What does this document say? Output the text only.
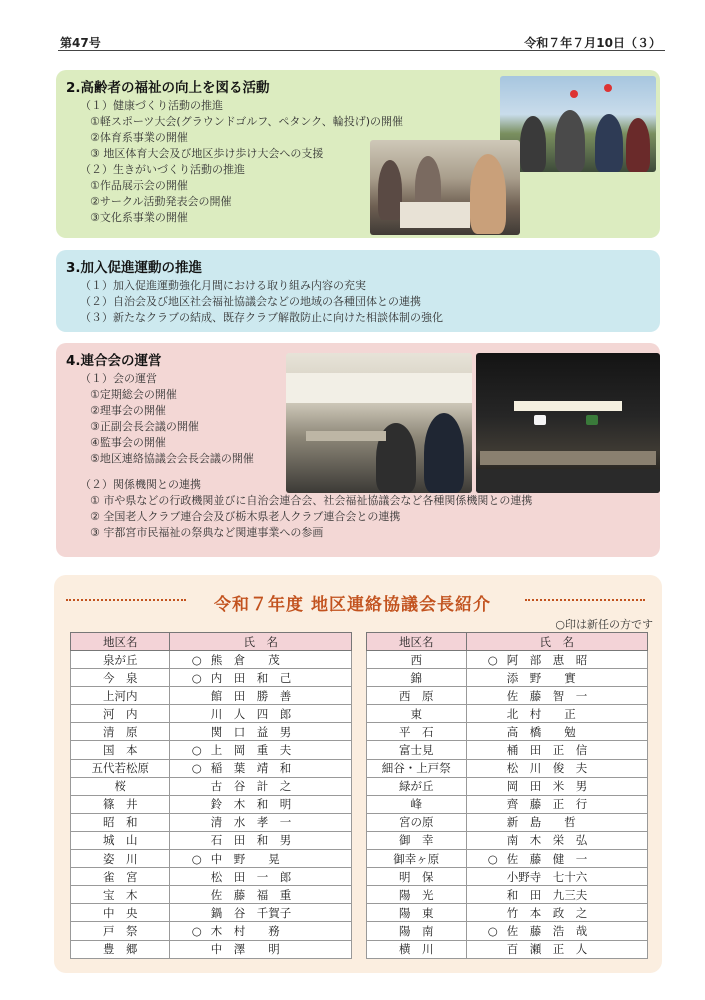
第47号	令和７年７月10日（３）
2.高齢者の福祉の向上を図る活動
（１）健康づくり活動の推進
①軽スポーツ大会(グラウンドゴルフ、ペタンク、輪投げ)の開催
②体育系事業の開催
③ 地区体育大会及び地区歩け歩け大会への支援
（２）生きがいづくり活動の推進
①作品展示会の開催
②サークル活動発表会の開催
③文化系事業の開催
3.加入促進運動の推進
（１）加入促進運動強化月間における取り組み内容の充実
（２）自治会及び地区社会福祉協議会などの地域の各種団体との連携
（３）新たなクラブの結成、既存クラブ解散防止に向けた相談体制の強化
4.連合会の運営
（１）会の運営
①定期総会の開催
②理事会の開催
③正副会長会議の開催
④監事会の開催
⑤地区連絡協議会会長会議の開催
（２）関係機関との連携
① 市や県などの行政機関並びに自治会連合会、社会福祉協議会など各種関係機関との連携
② 全国老人クラブ連合会及び栃木県老人クラブ連合会との連携
③ 宇都宮市民福祉の祭典など関連事業への参画
令和７年度 地区連絡協議会長紹介
○印は新任の方です
地区名	氏　名
泉が丘	○ 熊　倉　　茂
今　泉	○ 内　田　和　己
上河内	館　田　勝　善
河　内	川　人　四　郎
清　原	関　口　益　男
国　本	○ 上　岡　重　夫
五代若松原	○ 稲　葉　靖　和
桜	古　谷　計　之
篠　井	鈴　木　和　明
昭　和	清　水　孝　一
城　山	石　田　和　男
姿　川	○ 中　野　　晃
雀　宮	松　田　一　郎
宝　木	佐　藤　福　重
中　央	鍋　谷　千賀子
戸　祭	○ 木　村　　務
豊　郷	中　澤　　明
地区名	氏　名
西	○ 阿　部　恵　昭
錦	添　野　　實
西　原	佐　藤　智　一
東	北　村　　正
平　石	高　橋　　勉
富士見	桶　田　正　信
細谷・上戸祭	松　川　俊　夫
緑が丘	岡　田　米　男
峰	齊　藤　正　行
宮の原	新　島　　哲
御　幸	南　木　栄　弘
御幸ヶ原	○ 佐　藤　健　一
明　保	小野寺　七十六
陽　光	和　田　九三夫
陽　東	竹　本　政　之
陽　南	○ 佐　藤　浩　哉
横　川	百　瀬　正　人
